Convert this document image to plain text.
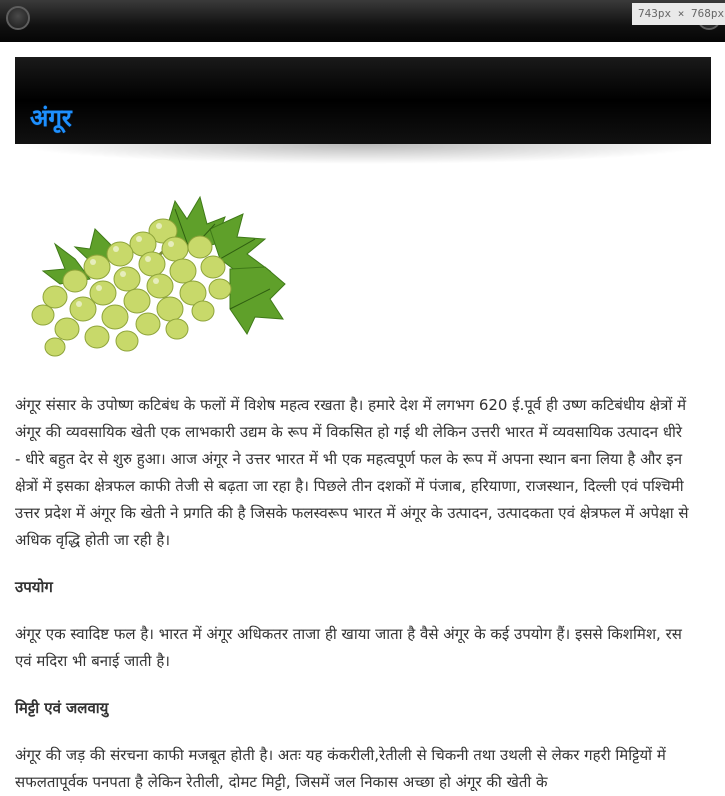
743px × 768px
अंगूर

अंगूर संसार के उपोष्ण कटिबंध के फलों में विशेष महत्व रखता है। हमारे देश में लगभग 620 ई.पूर्व ही उष्ण कटिबंधीय क्षेत्रों में अंगूर की व्यवसायिक खेती एक लाभकारी उद्यम के रूप में विकसित हो गई थी लेकिन उत्तरी भारत में व्यवसायिक उत्पादन धीरे - धीरे बहुत देर से शुरु हुआ। आज अंगूर ने उत्तर भारत में भी एक महत्वपूर्ण फल के रूप में अपना स्थान बना लिया है और इन क्षेत्रों में इसका क्षेत्रफल काफी तेजी से बढ़ता जा रहा है। पिछले तीन दशकों में पंजाब, हरियाणा, राजस्थान, दिल्ली एवं पश्चिमी उत्तर प्रदेश में अंगूर कि खेती ने प्रगति की है जिसके फलस्वरूप भारत में अंगूर के उत्पादन, उत्पादकता एवं क्षेत्रफल में अपेक्षा से अधिक वृद्धि होती जा रही है।

उपयोग

अंगूर एक स्वादिष्ट फल है। भारत में अंगूर अधिकतर ताजा ही खाया जाता है वैसे अंगूर के कई उपयोग हैं। इससे किशमिश, रस एवं मदिरा भी बनाई जाती है।

मिट्टी एवं जलवायु

अंगूर की जड़ की संरचना काफी मजबूत होती है। अतः यह कंकरीली,रेतीली से चिकनी तथा उथली से लेकर गहरी मिट्टियों में सफलतापूर्वक पनपता है लेकिन रेतीली, दोमट मिट्टी, जिसमें जल निकास अच्छा हो अंगूर की खेती के
